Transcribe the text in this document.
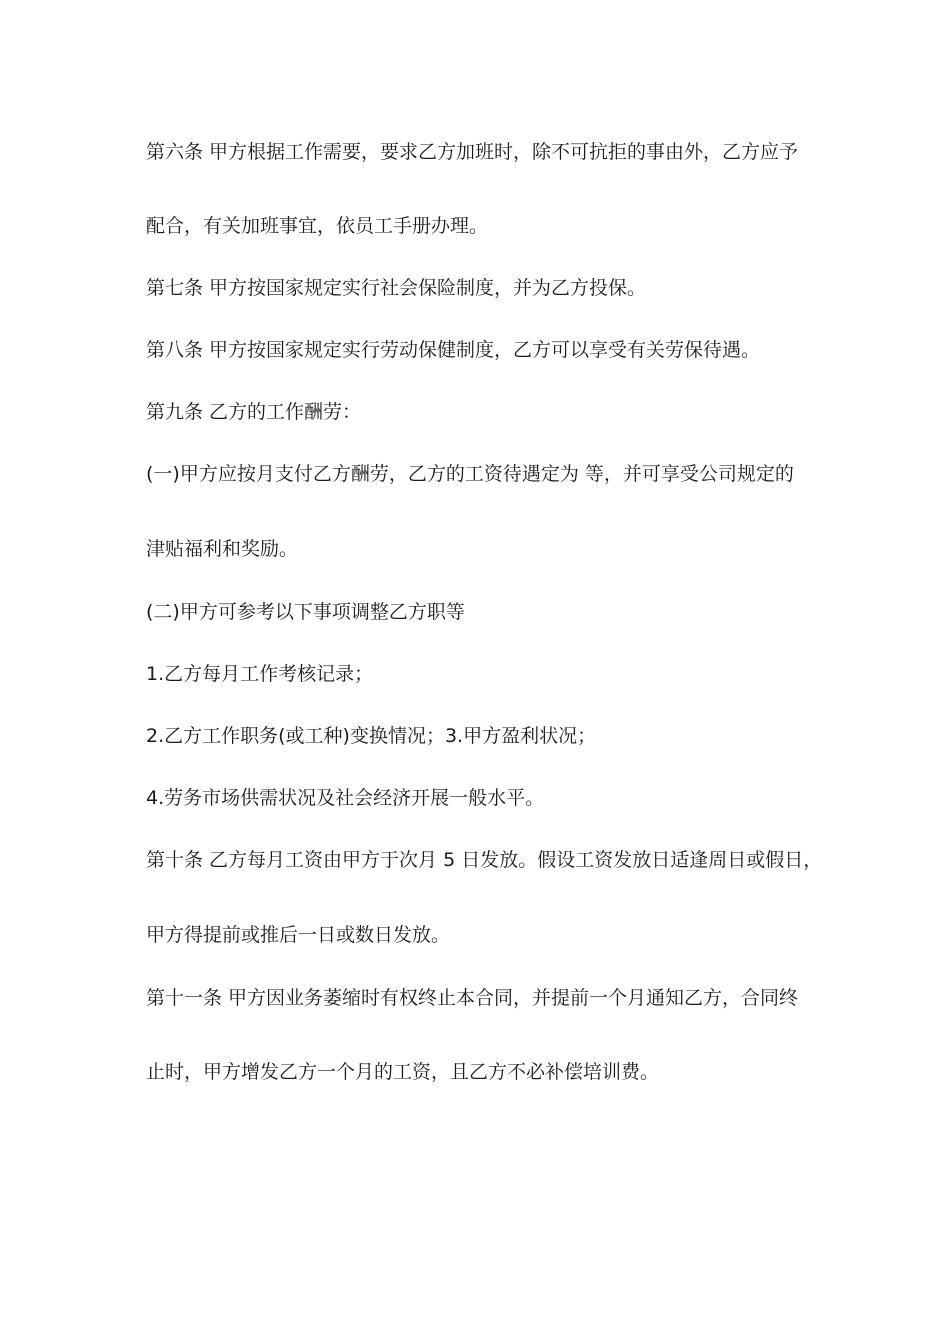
第六条 甲方根据工作需要，要求乙方加班时，除不可抗拒的事由外，乙方应予
配合，有关加班事宜，依员工手册办理。
第七条 甲方按国家规定实行社会保险制度，并为乙方投保。
第八条 甲方按国家规定实行劳动保健制度，乙方可以享受有关劳保待遇。
第九条 乙方的工作酬劳：
(一)甲方应按月支付乙方酬劳，乙方的工资待遇定为 等，并可享受公司规定的
津贴福利和奖励。
(二)甲方可参考以下事项调整乙方职等
1.乙方每月工作考核记录；
2.乙方工作职务(或工种)变换情况；3.甲方盈利状况；
4.劳务市场供需状况及社会经济开展一般水平。
第十条 乙方每月工资由甲方于次月 5 日发放。假设工资发放日适逢周日或假日，
甲方得提前或推后一日或数日发放。
第十一条 甲方因业务萎缩时有权终止本合同，并提前一个月通知乙方，合同终
止时，甲方增发乙方一个月的工资，且乙方不必补偿培训费。
